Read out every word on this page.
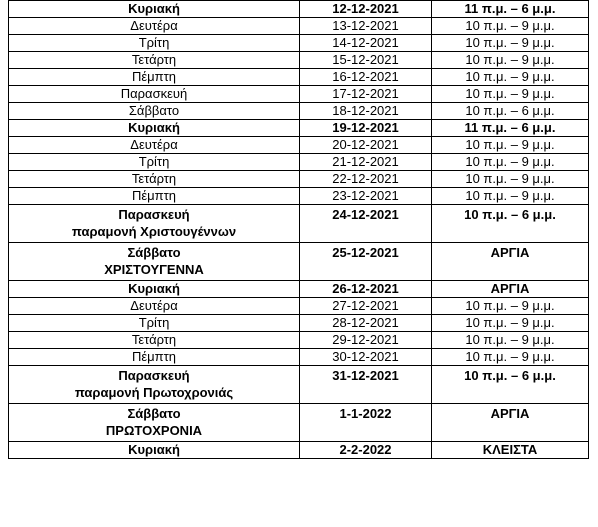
Κυριακή	12-12-2021	11 π.μ. – 6 μ.μ.
Δευτέρα	13-12-2021	10 π.μ. – 9 μ.μ.
Τρίτη	14-12-2021	10 π.μ. – 9 μ.μ.
Τετάρτη	15-12-2021	10 π.μ. – 9 μ.μ.
Πέμπτη	16-12-2021	10 π.μ. – 9 μ.μ.
Παρασκευή	17-12-2021	10 π.μ. – 9 μ.μ.
Σάββατο	18-12-2021	10 π.μ. – 6 μ.μ.
Κυριακή	19-12-2021	11 π.μ. – 6 μ.μ.
Δευτέρα	20-12-2021	10 π.μ. – 9 μ.μ.
Τρίτη	21-12-2021	10 π.μ. – 9 μ.μ.
Τετάρτη	22-12-2021	10 π.μ. – 9 μ.μ.
Πέμπτη	23-12-2021	10 π.μ. – 9 μ.μ.
Παρασκευή
παραμονή Χριστουγέννων	24-12-2021	10 π.μ. – 6 μ.μ.
Σάββατο
ΧΡΙΣΤΟΥΓΕΝΝΑ	25-12-2021	ΑΡΓΙΑ
Κυριακή	26-12-2021	ΑΡΓΙΑ
Δευτέρα	27-12-2021	10 π.μ. – 9 μ.μ.
Τρίτη	28-12-2021	10 π.μ. – 9 μ.μ.
Τετάρτη	29-12-2021	10 π.μ. – 9 μ.μ.
Πέμπτη	30-12-2021	10 π.μ. – 9 μ.μ.
Παρασκευή
παραμονή Πρωτοχρονιάς	31-12-2021	10 π.μ. – 6 μ.μ.
Σάββατο
ΠΡΩΤΟΧΡΟΝΙΑ	1-1-2022	ΑΡΓΙΑ
Κυριακή	2-2-2022	ΚΛΕΙΣΤΑ
